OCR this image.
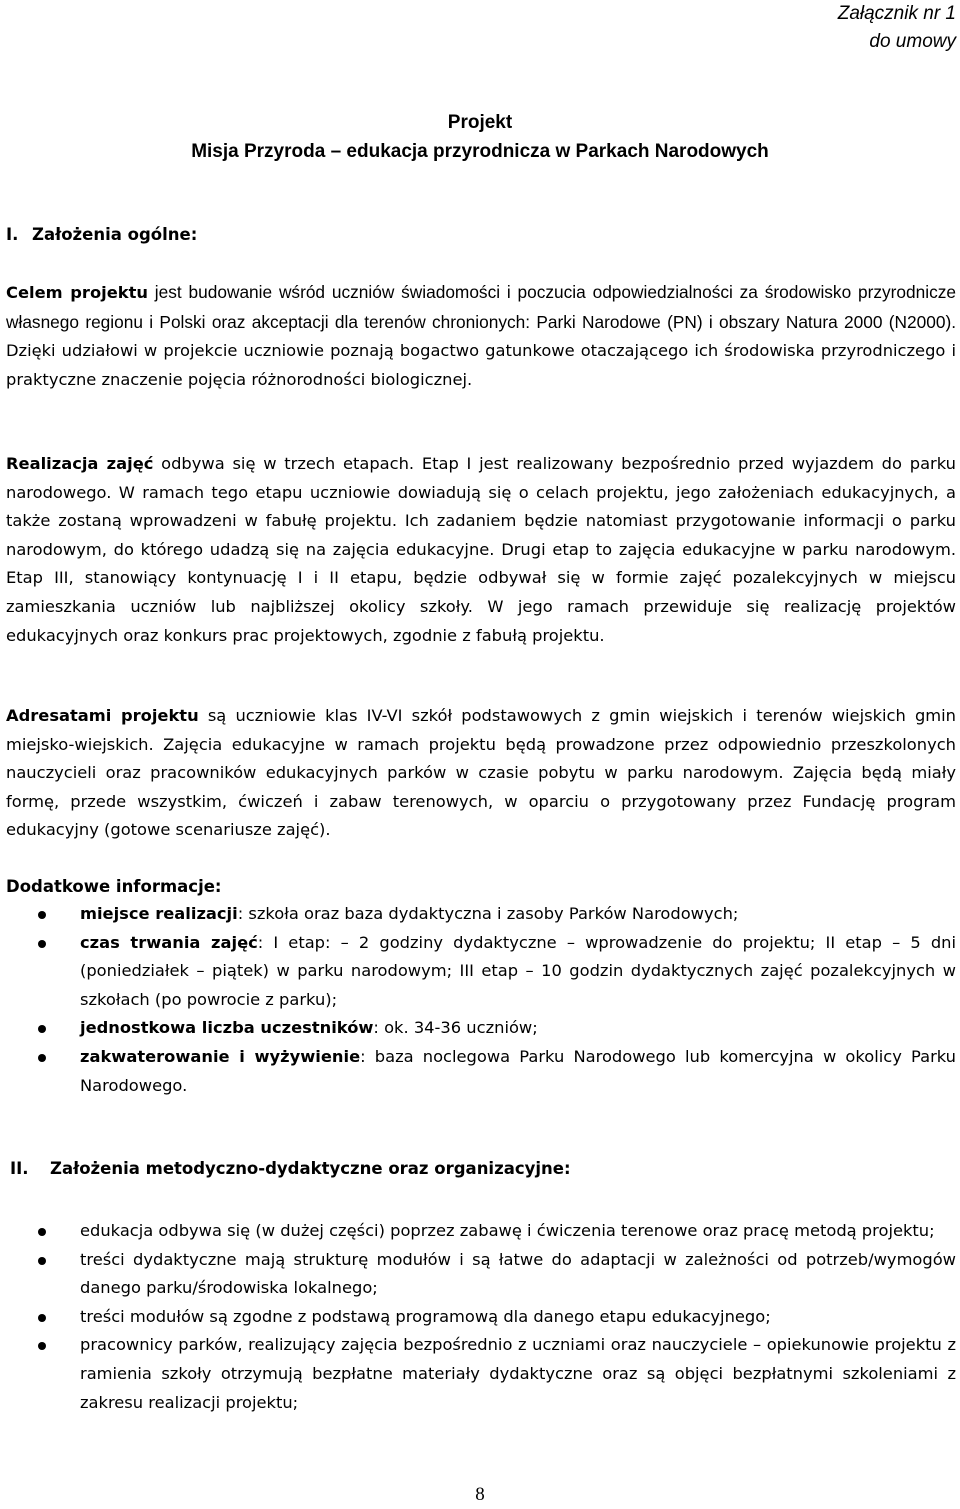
Załącznik nr 1
do umowy
Projekt
Misja Przyroda – edukacja przyrodnicza w Parkach Narodowych
I. Założenia ogólne:
Celem projektu jest budowanie wśród uczniów świadomości i poczucia odpowiedzialności za środowisko przyrodnicze własnego regionu i Polski oraz akceptacji dla terenów chronionych: Parki Narodowe (PN) i obszary Natura 2000 (N2000). Dzięki udziałowi w projekcie uczniowie poznają bogactwo gatunkowe otaczającego ich środowiska przyrodniczego i praktyczne znaczenie pojęcia różnorodności biologicznej.
Realizacja zajęć odbywa się w trzech etapach. Etap I jest realizowany bezpośrednio przed wyjazdem do parku narodowego. W ramach tego etapu uczniowie dowiadują się o celach projektu, jego założeniach edukacyjnych, a także zostaną wprowadzeni w fabułę projektu. Ich zadaniem będzie natomiast przygotowanie informacji o parku narodowym, do którego udadzą się na zajęcia edukacyjne. Drugi etap to zajęcia edukacyjne w parku narodowym. Etap III, stanowiący kontynuację I i II etapu, będzie odbywał się w formie zajęć pozalekcyjnych w miejscu zamieszkania uczniów lub najbliższej okolicy szkoły. W jego ramach przewiduje się realizację projektów edukacyjnych oraz konkurs prac projektowych, zgodnie z fabułą projektu.
Adresatami projektu są uczniowie klas IV-VI szkół podstawowych z gmin wiejskich i terenów wiejskich gmin miejsko-wiejskich. Zajęcia edukacyjne w ramach projektu będą prowadzone przez odpowiednio przeszkolonych nauczycieli oraz pracowników edukacyjnych parków w czasie pobytu w parku narodowym. Zajęcia będą miały formę, przede wszystkim, ćwiczeń i zabaw terenowych, w oparciu o przygotowany przez Fundację program edukacyjny (gotowe scenariusze zajęć).
Dodatkowe informacje:
miejsce realizacji: szkoła oraz baza dydaktyczna i zasoby Parków Narodowych;
czas trwania zajęć: I etap: – 2 godziny dydaktyczne – wprowadzenie do projektu; II etap – 5 dni (poniedziałek – piątek) w parku narodowym; III etap – 10 godzin dydaktycznych zajęć pozalekcyjnych w szkołach (po powrocie z parku);
jednostkowa liczba uczestników: ok. 34-36 uczniów;
zakwaterowanie i wyżywienie: baza noclegowa Parku Narodowego lub komercyjna w okolicy Parku Narodowego.
II. Założenia metodyczno-dydaktyczne oraz organizacyjne:
edukacja odbywa się (w dużej części) poprzez zabawę i ćwiczenia terenowe oraz pracę metodą projektu;
treści dydaktyczne mają strukturę modułów i są łatwe do adaptacji w zależności od potrzeb/wymogów danego parku/środowiska lokalnego;
treści modułów są zgodne z podstawą programową dla danego etapu edukacyjnego;
pracownicy parków, realizujący zajęcia bezpośrednio z uczniami oraz nauczyciele – opiekunowie projektu z ramienia szkoły otrzymują bezpłatne materiały dydaktyczne oraz są objęci bezpłatnymi szkoleniami z zakresu realizacji projektu;
8
